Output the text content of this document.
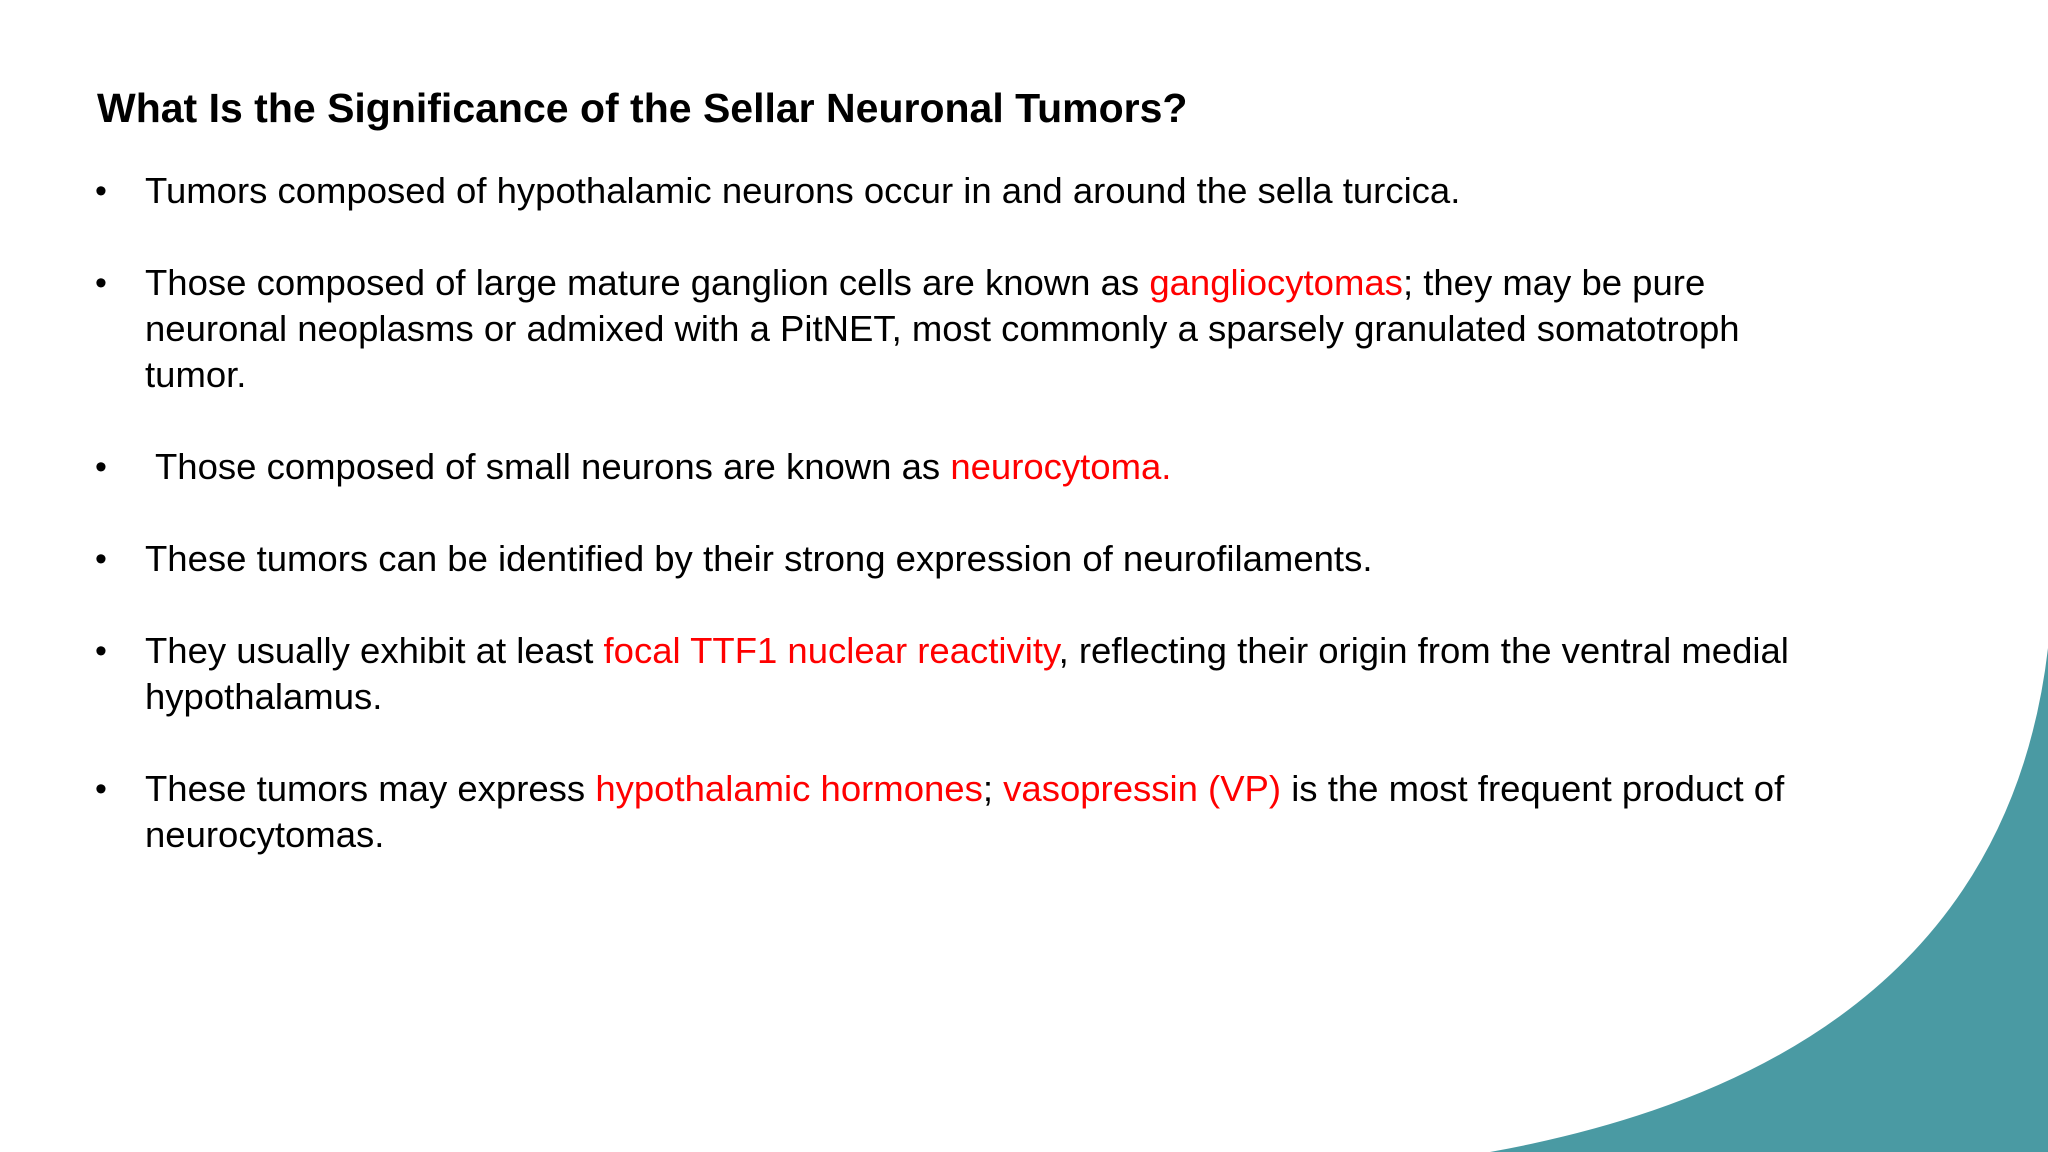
What Is the Significance of the Sellar Neuronal Tumors?
• Tumors composed of hypothalamic neurons occur in and around the sella turcica.
• Those composed of large mature ganglion cells are known as gangliocytomas; they may be pure
neuronal neoplasms or admixed with a PitNET, most commonly a sparsely granulated somatotroph
tumor.
• Those composed of small neurons are known as neurocytoma.
• These tumors can be identified by their strong expression of neurofilaments.
• They usually exhibit at least focal TTF1 nuclear reactivity, reflecting their origin from the ventral medial
hypothalamus.
• These tumors may express hypothalamic hormones; vasopressin (VP) is the most frequent product of
neurocytomas.
